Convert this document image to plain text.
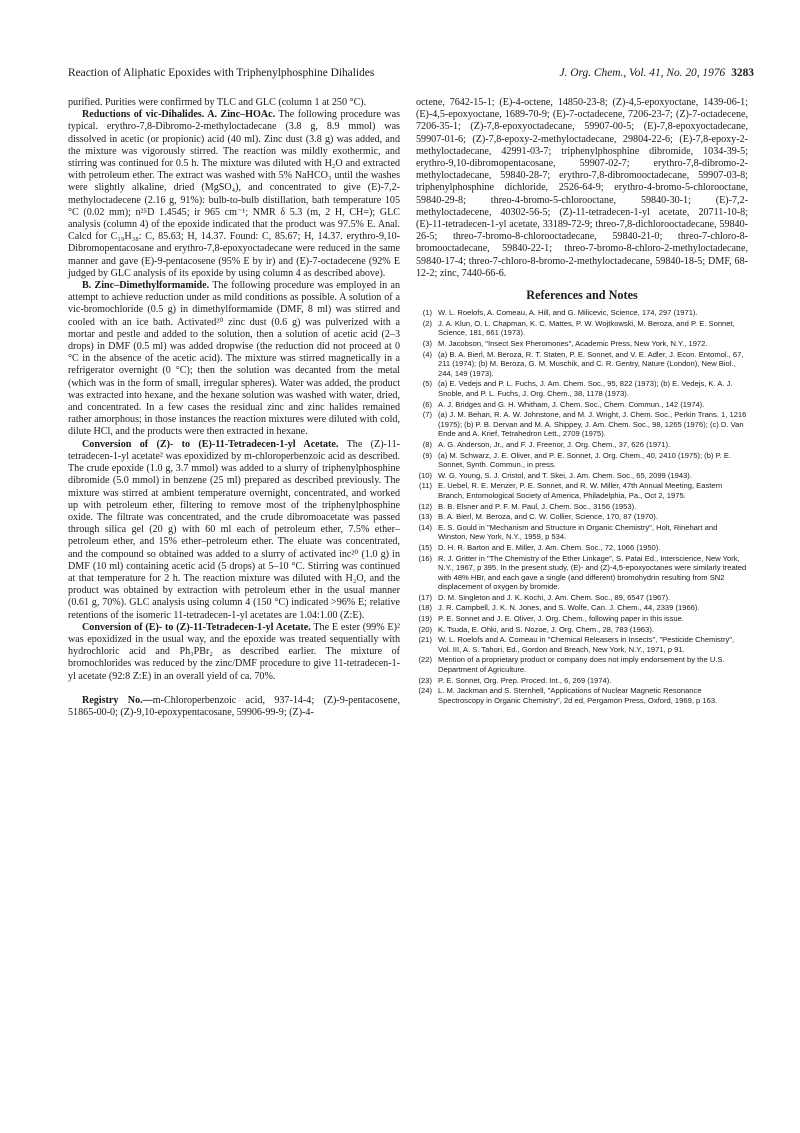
Reaction of Aliphatic Epoxides with Triphenylphosphine Dihalides	J. Org. Chem., Vol. 41, No. 20, 1976 3283

purified. Purities were confirmed by TLC and GLC (column 1 at 250 °C).

Reductions of vic-Dihalides. A. Zinc–HOAc. The following procedure was typical. erythro-7,8-Dibromo-2-methyloctadecane (3.8 g, 8.9 mmol) was dissolved in acetic (or propionic) acid (40 ml). Zinc dust (3.8 g) was added, and the mixture was vigorously stirred. The reaction was mildly exothermic, and stirring was continued for 0.5 h. The mixture was diluted with H₂O and extracted with petroleum ether. The extract was washed with 5% NaHCO₃ until the washes were slightly alkaline, dried (MgSO₄), and concentrated to give (E)-7,2-methyloctadecene (2.16 g, 91%): bulb-to-bulb distillation, bath temperature 105 °C (0.02 mm); n²⁵D 1.4545; ir 965 cm⁻¹; NMR δ 5.3 (m, 2 H, CH=); GLC analysis (column 4) of the epoxide indicated that the product was 97.5% E. Anal. Calcd for C₁₉H₃₈: C, 85.63; H, 14.37. Found: C, 85.67; H, 14.37. erythro-9,10-Dibromopentacosane and erythro-7,8-epoxyoctadecane were reduced in the same manner and gave (E)-9-pentacosene (95% E by ir) and (E)-7-octadecene (92% E judged by GLC analysis of its epoxide by using column 4 as described above).

B. Zinc–Dimethylformamide. The following procedure was employed in an attempt to achieve reduction under as mild conditions as possible. A solution of a vic-bromochloride (0.5 g) in dimethylformamide (DMF, 8 ml) was stirred and cooled with an ice bath. Activated²⁰ zinc dust (0.6 g) was pulverized with a mortar and pestle and added to the solution, then a solution of acetic acid (2–3 drops) in DMF (0.5 ml) was added dropwise (the reduction did not proceed at 0 °C in the absence of the acetic acid). The mixture was stirred magnetically in a refrigerator overnight (0 °C); then the solution was decanted from the metal (which was in the form of small, irregular spheres). Water was added, the product was extracted into hexane, and the hexane solution was washed with water, dried, and concentrated. In a few cases the residual zinc and zinc halides remained rather amorphous; in those instances the reaction mixtures were diluted with cold, dilute HCl, and the products were then extracted in hexane.

Conversion of (Z)- to (E)-11-Tetradecen-1-yl Acetate. The (Z)-11-tetradecen-1-yl acetate² was epoxidized by m-chloroperbenzoic acid as described. The crude epoxide (1.0 g, 3.7 mmol) was added to a slurry of triphenylphosphine dibromide (5.0 mmol) in benzene (25 ml) prepared as described previously. The mixture was stirred at ambient temperature overnight, concentrated, and worked up with petroleum ether, filtering to remove most of the triphenylphosphine oxide. The filtrate was concentrated, and the crude dibromoacetate was passed through silica gel (20 g) with 60 ml each of petroleum ether, 7.5% ether–petroleum ether, and 15% ether–petroleum ether. The eluate was concentrated, and the compound so obtained was added to a slurry of activated inc²⁰ (1.0 g) in DMF (10 ml) containing acetic acid (5 drops) at 5–10 °C. Stirring was continued at that temperature for 2 h. The reaction mixture was diluted with H₂O, and the product was obtained by extraction with petroleum ether in the usual manner (0.61 g, 70%). GLC analysis using column 4 (150 °C) indicated >96% E; relative retentions of the isomeric 11-tetradecen-1-yl acetates are 1.04:1.00 (Z:E).

Conversion of (E)- to (Z)-11-Tetradecen-1-yl Acetate. The E ester (99% E)² was epoxidized in the usual way, and the epoxide was treated sequentially with hydrochloric acid and Ph₃PBr₂ as described earlier. The mixture of bromochlorides was reduced by the zinc/DMF procedure to give 11-tetradecen-1-yl acetate (92:8 Z:E) in an overall yield of ca. 70%.

Registry No.—m-Chloroperbenzoic acid, 937-14-4; (Z)-9-pentacosene, 51865-00-0; (Z)-9,10-epoxypentacosane, 59906-99-9; (Z)-4-

octene, 7642-15-1; (E)-4-octene, 14850-23-8; (Z)-4,5-epoxyoctane, 1439-06-1; (E)-4,5-epoxyoctane, 1689-70-9; (E)-7-octadecene, 7206-23-7; (Z)-7-octadecene, 7206-35-1; (Z)-7,8-epoxyoctadecane, 59907-00-5; (E)-7,8-epoxyoctadecane, 59907-01-6; (Z)-7,8-epoxy-2-methyloctadecane, 29804-22-6; (E)-7,8-epoxy-2-methyloctadecane, 42991-03-7; triphenylphosphine dibromide, 1034-39-5; erythro-9,10-dibromopentacosane, 59907-02-7; erythro-7,8-dibromo-2-methyloctadecane, 59840-28-7; erythro-7,8-dibromooctadecane, 59907-03-8; triphenylphosphine dichloride, 2526-64-9; erythro-4-bromo-5-chlorooctane, 59840-29-8; threo-4-bromo-5-chlorooctane, 59840-30-1; (E)-7,2-methyloctadecene, 40302-56-5; (Z)-11-tetradecen-1-yl acetate, 20711-10-8; (E)-11-tetradecen-1-yl acetate, 33189-72-9; threo-7,8-dichlorooctadecane, 59840-26-5; threo-7-bromo-8-chlorooctadecane, 59840-21-0; threo-7-chloro-8-bromooctadecane, 59840-22-1; threo-7-bromo-8-chloro-2-methyloctadecane, 59840-17-4; threo-7-chloro-8-bromo-2-methyloctadecane, 59840-18-5; DMF, 68-12-2; zinc, 7440-66-6.

References and Notes
(1) W. L. Roelofs, A. Comeau, A. Hill, and G. Milicevic, Science, 174, 297 (1971).
(2) J. A. Klun, O. L. Chapman, K. C. Mattes, P. W. Wojtkowski, M. Beroza, and P. E. Sonnet, Science, 181, 661 (1973).
(3) M. Jacobson, "Insect Sex Pheromones", Academic Press, New York, N.Y., 1972.
(4) (a) B. A. Bierl, M. Beroza, R. T. Staten, P. E. Sonnet, and V. E. Adler, J. Econ. Entomol., 67, 211 (1974); (b) M. Beroza, G. M. Muschik, and C. R. Gentry, Nature (London), New Biol., 244, 149 (1973).
(5) (a) E. Vedejs and P. L. Fuchs, J. Am. Chem. Soc., 95, 822 (1973); (b) E. Vedejs, K. A. J. Snoble, and P. L. Fuchs, J. Org. Chem., 38, 1178 (1973).
(6) A. J. Bridges and G. H. Whitham, J. Chem. Soc., Chem. Commun., 142 (1974).
(7) (a) J. M. Behan, R. A. W. Johnstone, and M. J. Wright, J. Chem. Soc., Perkin Trans. 1, 1216 (1975); (b) P. B. Dervan and M. A. Shippey, J. Am. Chem. Soc., 98, 1265 (1976); (c) D. Van Ende and A. Krief, Tetrahedron Lett., 2709 (1975).
(8) A. G. Anderson, Jr., and F. J. Freenor, J. Org. Chem., 37, 626 (1971).
(9) (a) M. Schwarz, J. E. Oliver, and P. E. Sonnet, J. Org. Chem., 40, 2410 (1975); (b) P. E. Sonnet, Synth. Commun., in press.
(10) W. G. Young, S. J. Cristol, and T. Skei, J. Am. Chem. Soc., 65, 2099 (1943).
(11) E. Uebel, R. E. Menzer, P. E. Sonnet, and R. W. Miller, 47th Annual Meeting, Eastern Branch, Entomological Society of America, Philadelphia, Pa., Oct 2, 1975.
(12) B. B. Elsner and P. F. M. Paul, J. Chem. Soc., 3156 (1953).
(13) B. A. Bierl, M. Beroza, and C. W. Collier, Science, 170, 87 (1970).
(14) E. S. Gould in "Mechanism and Structure in Organic Chemistry", Holt, Rinehart and Winston, New York, N.Y., 1959, p 534.
(15) D. H. R. Barton and E. Miller, J. Am. Chem. Soc., 72, 1066 (1950).
(16) R. J. Gritter in "The Chemistry of the Ether Linkage", S. Patai Ed., Interscience, New York, N.Y., 1967, p 395. In the present study, (E)- and (Z)-4,5-epoxyoctanes were similarly treated with 48% HBr, and each gave a single (and different) bromohydrin resulting from SN2 displacement of oxygen by bromide.
(17) D. M. Singleton and J. K. Kochi, J. Am. Chem. Soc., 89, 6547 (1967).
(18) J. R. Campbell, J. K. N. Jones, and S. Wolfe, Can. J. Chem., 44, 2339 (1966).
(19) P. E. Sonnet and J. E. Oliver, J. Org. Chem., following paper in this issue.
(20) K. Tsuda, E. Ohki, and S. Nozoe, J. Org. Chem., 28, 783 (1963).
(21) W. L. Roelofs and A. Comeau in "Chemical Releasers in Insects", "Pesticide Chemistry", Vol. III, A. S. Tahori, Ed., Gordon and Breach, New York, N.Y., 1971, p 91.
(22) Mention of a proprietary product or company does not imply endorsement by the U.S. Department of Agriculture.
(23) P. E. Sonnet, Org. Prep. Proced. Int., 6, 269 (1974).
(24) L. M. Jackman and S. Sternhell, "Applications of Nuclear Magnetic Resonance Spectroscopy in Organic Chemistry", 2d ed, Pergamon Press, Oxford, 1969, p 163.
